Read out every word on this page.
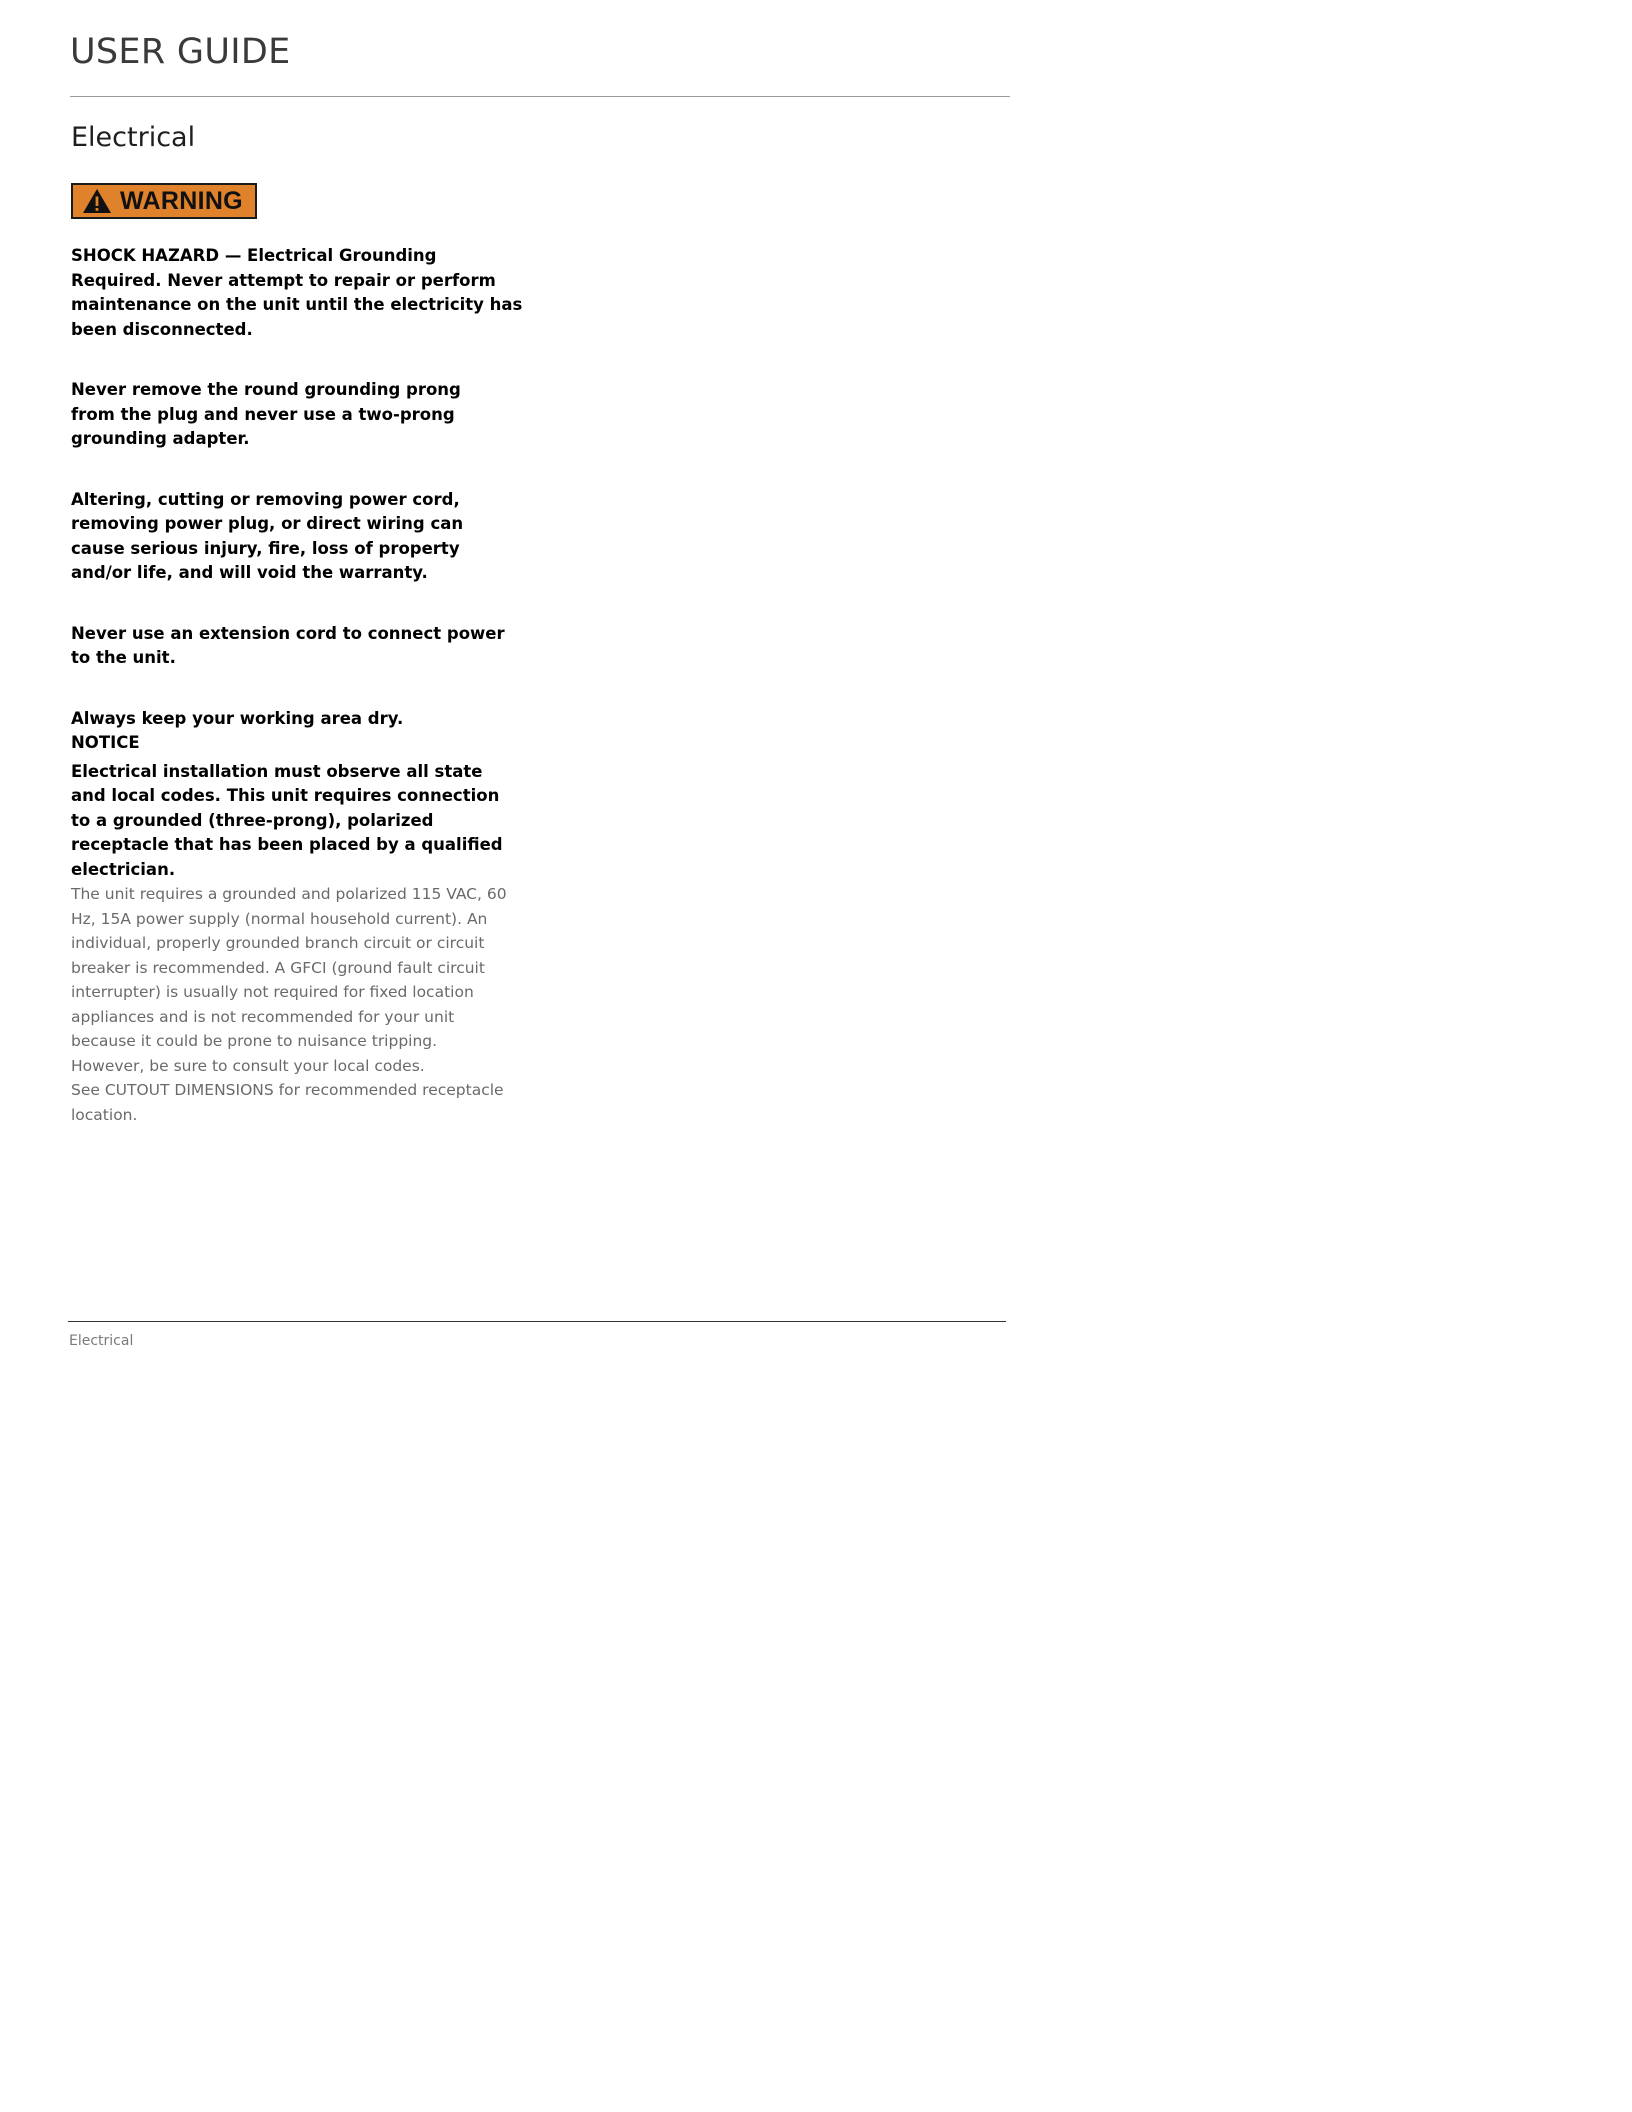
USER GUIDE
Electrical
WARNING

SHOCK HAZARD — Electrical Grounding Required. Never attempt to repair or perform maintenance on the unit until the electricity has been disconnected.

Never remove the round grounding prong from the plug and never use a two-prong grounding adapter.

Altering, cutting or removing power cord, removing power plug, or direct wiring can cause serious injury, fire, loss of property and/or life, and will void the warranty.

Never use an extension cord to connect power to the unit.

Always keep your working area dry.

NOTICE

Electrical installation must observe all state and local codes. This unit requires connection to a grounded (three-prong), polarized receptacle that has been placed by a qualified electrician.

The unit requires a grounded and polarized 115 VAC, 60 Hz, 15A power supply (normal household current). An individual, properly grounded branch circuit or circuit breaker is recommended. A GFCI (ground fault circuit interrupter) is usually not required for fixed location appliances and is not recommended for your unit because it could be prone to nuisance tripping. However, be sure to consult your local codes.

See CUTOUT DIMENSIONS for recommended receptacle location.

Electrical
